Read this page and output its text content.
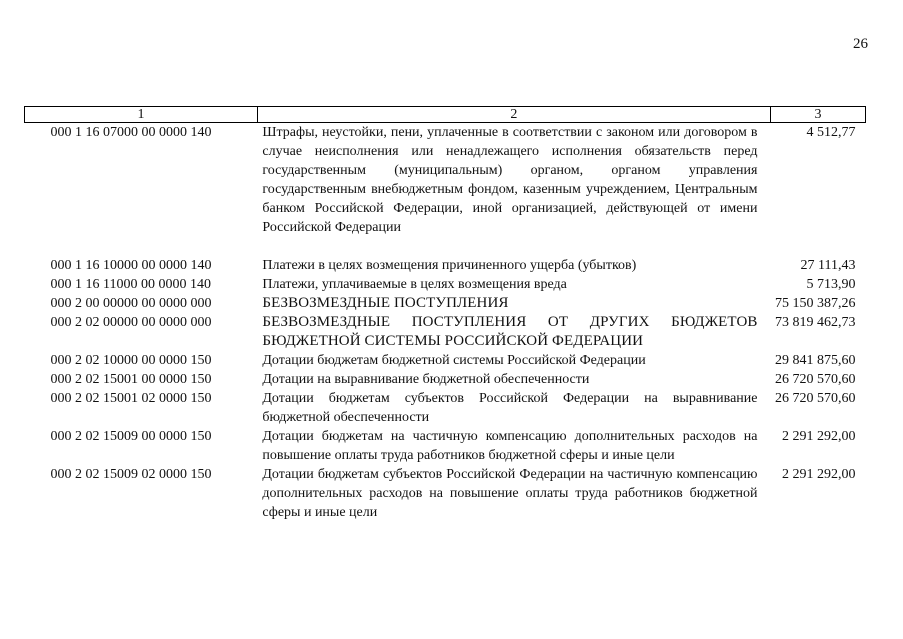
26
1	2	3
000 1 16 07000 00 0000 140	Штрафы, неустойки, пени, уплаченные в соответствии с законом или договором в случае неисполнения или ненадлежащего исполнения обязательств перед государственным (муниципальным) органом, органом управления государственным внебюджетным фондом, казенным учреждением, Центральным банком Российской Федерации, иной организацией, действующей от имени Российской Федерации	4 512,77
000 1 16 10000 00 0000 140	Платежи в целях возмещения причиненного ущерба (убытков)	27 111,43
000 1 16 11000 00 0000 140	Платежи, уплачиваемые в целях возмещения вреда	5 713,90
000 2 00 00000 00 0000 000	БЕЗВОЗМЕЗДНЫЕ ПОСТУПЛЕНИЯ	75 150 387,26
000 2 02 00000 00 0000 000	БЕЗВОЗМЕЗДНЫЕ ПОСТУПЛЕНИЯ ОТ ДРУГИХ БЮДЖЕТОВ БЮДЖЕТНОЙ СИСТЕМЫ РОССИЙСКОЙ ФЕДЕРАЦИИ	73 819 462,73
000 2 02 10000 00 0000 150	Дотации бюджетам бюджетной системы Российской Федерации	29 841 875,60
000 2 02 15001 00 0000 150	Дотации на выравнивание бюджетной обеспеченности	26 720 570,60
000 2 02 15001 02 0000 150	Дотации бюджетам субъектов Российской Федерации на выравнивание бюджетной обеспеченности	26 720 570,60
000 2 02 15009 00 0000 150	Дотации бюджетам на частичную компенсацию дополнительных расходов на повышение оплаты труда работников бюджетной сферы и иные цели	2 291 292,00
000 2 02 15009 02 0000 150	Дотации бюджетам субъектов Российской Федерации на частичную компенсацию дополнительных расходов на повышение оплаты труда работников бюджетной сферы и иные цели	2 291 292,00
